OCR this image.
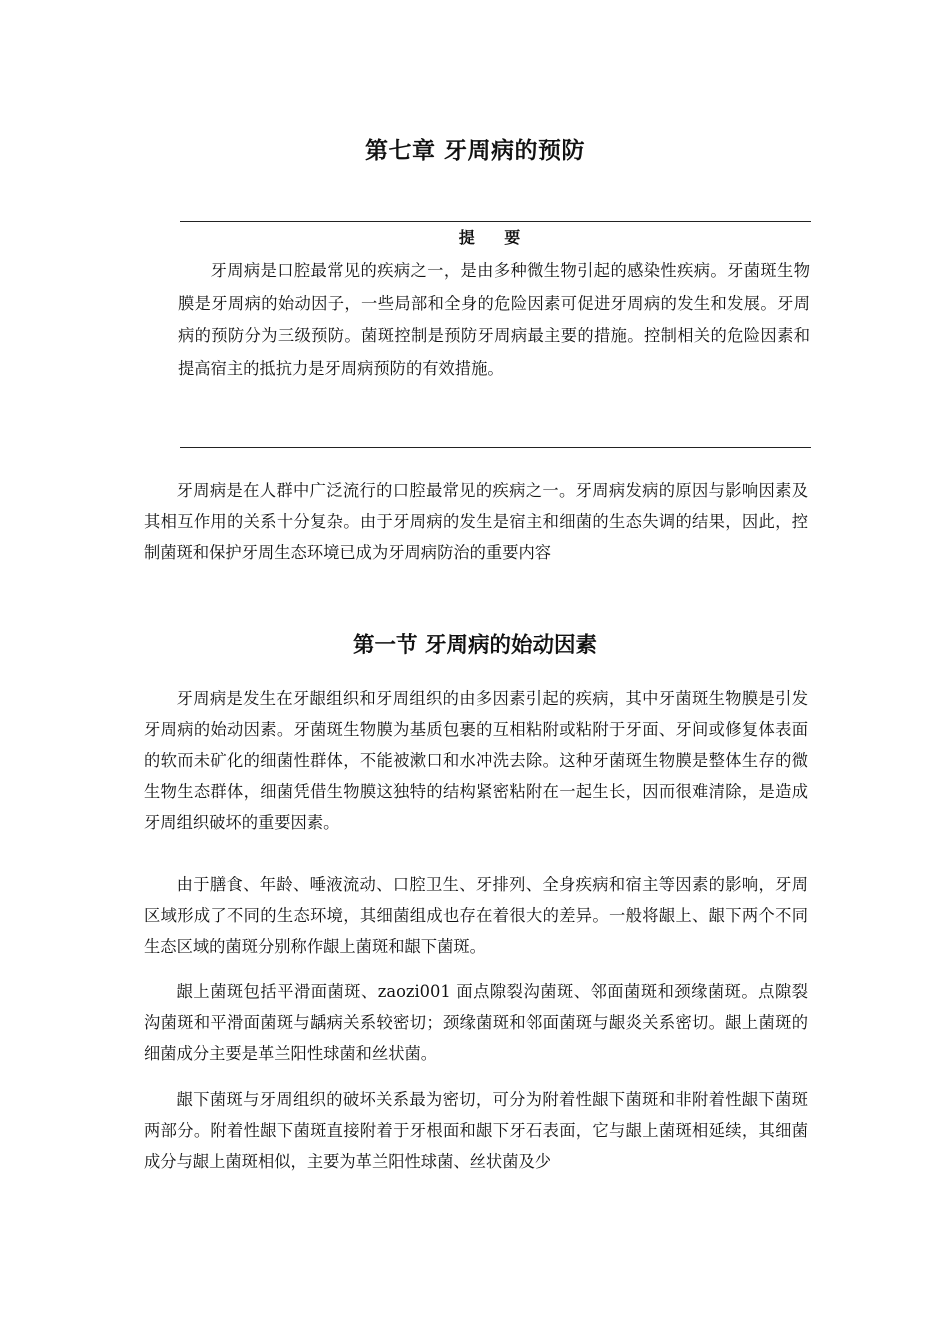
第七章 牙周病的预防
提 要

牙周病是口腔最常见的疾病之一，是由多种微生物引起的感染性疾病。牙菌斑生物膜是牙周病的始动因子，一些局部和全身的危险因素可促进牙周病的发生和发展。牙周病的预防分为三级预防。菌斑控制是预防牙周病最主要的措施。控制相关的危险因素和提高宿主的抵抗力是牙周病预防的有效措施。

牙周病是在人群中广泛流行的口腔最常见的疾病之一。牙周病发病的原因与影响因素及其相互作用的关系十分复杂。由于牙周病的发生是宿主和细菌的生态失调的结果，因此，控制菌斑和保护牙周生态环境已成为牙周病防治的重要内容

第一节 牙周病的始动因素

牙周病是发生在牙龈组织和牙周组织的由多因素引起的疾病，其中牙菌斑生物膜是引发牙周病的始动因素。牙菌斑生物膜为基质包裹的互相粘附或粘附于牙面、牙间或修复体表面的软而未矿化的细菌性群体，不能被漱口和水冲洗去除。这种牙菌斑生物膜是整体生存的微生物生态群体，细菌凭借生物膜这独特的结构紧密粘附在一起生长，因而很难清除，是造成牙周组织破坏的重要因素。

由于膳食、年龄、唾液流动、口腔卫生、牙排列、全身疾病和宿主等因素的影响，牙周区域形成了不同的生态环境，其细菌组成也存在着很大的差异。一般将龈上、龈下两个不同生态区域的菌斑分别称作龈上菌斑和龈下菌斑。

龈上菌斑包括平滑面菌斑、zaozi001 面点隙裂沟菌斑、邻面菌斑和颈缘菌斑。点隙裂沟菌斑和平滑面菌斑与龋病关系较密切；颈缘菌斑和邻面菌斑与龈炎关系密切。龈上菌斑的细菌成分主要是革兰阳性球菌和丝状菌。

龈下菌斑与牙周组织的破坏关系最为密切，可分为附着性龈下菌斑和非附着性龈下菌斑两部分。附着性龈下菌斑直接附着于牙根面和龈下牙石表面，它与龈上菌斑相延续，其细菌成分与龈上菌斑相似，主要为革兰阳性球菌、丝状菌及少
